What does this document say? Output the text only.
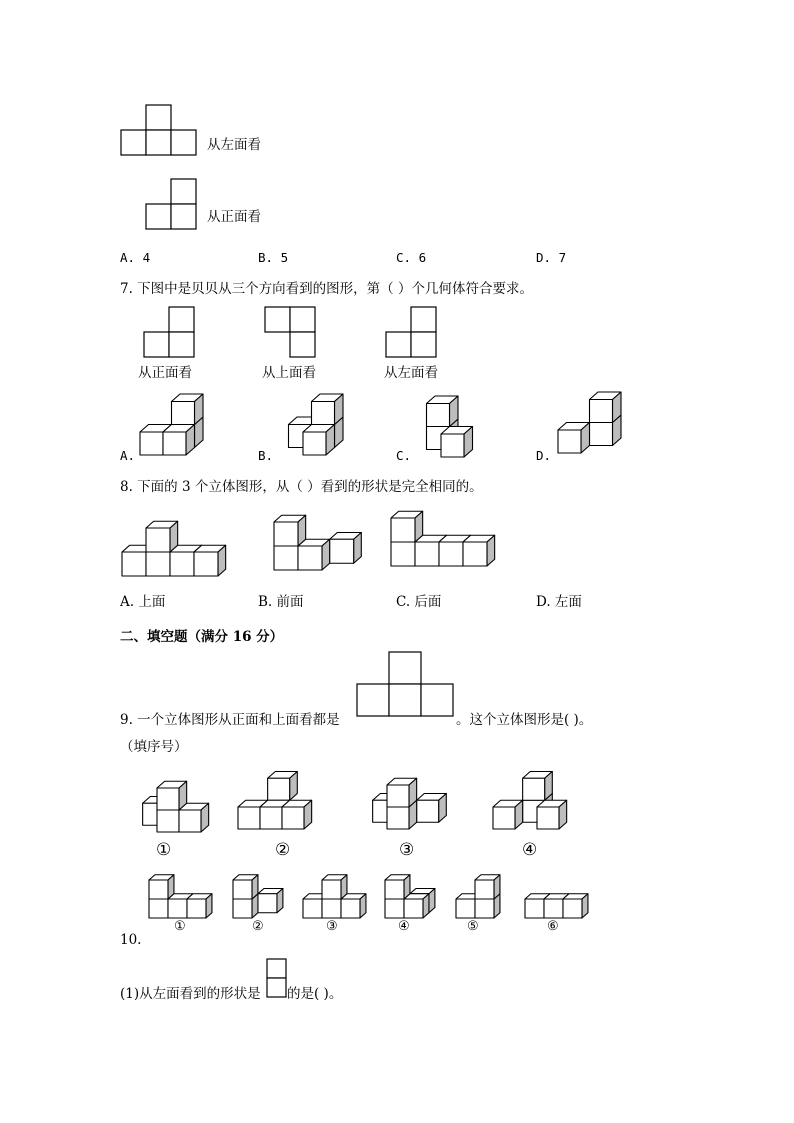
从左面看
从正面看
A. 4	B. 5	C. 6	D. 7
7. 下图中是贝贝从三个方向看到的图形，第（ ）个几何体符合要求。
从正面看	从上面看	从左面看
A.	B.	C.	D.
8. 下面的 3 个立体图形，从（ ）看到的形状是完全相同的。
A. 上面	B. 前面	C. 后面	D. 左面
二、填空题（满分 16 分）
9. 一个立体图形从正面和上面看都是	。这个立体图形是( )。
（填序号）
①	②	③	④
①	②	③	④	⑤	⑥
10.
(1)从左面看到的形状是 的是( )。
